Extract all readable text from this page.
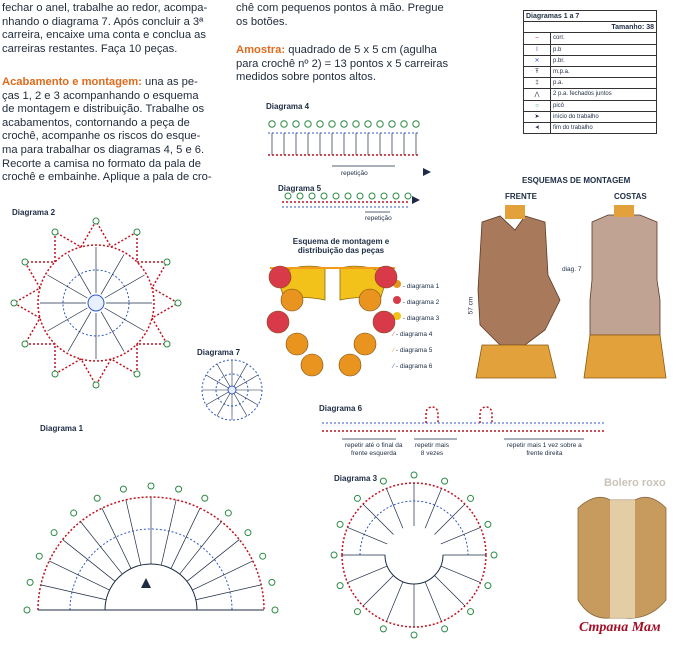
fechar o anel, trabalhe ao redor, acompa-
nhando o diagrama 7. Após concluir a 3ª
carreira, encaixe uma conta e conclua as
carreiras restantes. Faça 10 peças.
Acabamento e montagem: una as pe-
ças 1, 2 e 3 acompanhando o esquema
de montagem e distribuição. Trabalhe os
acabamentos, contornando a peça de
crochê, acompanhe os riscos do esque-
ma para trabalhar os diagramas 4, 5 e 6.
Recorte a camisa no formato da pala de
crochê e embainhe. Aplique a pala de cro-
chê com pequenos pontos à mão. Pregue
os botões.
Amostra: quadrado de 5 x 5 cm (agulha
para crochê nº 2) = 13 pontos x 5 carreiras
medidos sobre pontos altos.
Diagramas 1 a 7	
Tamanho: 38	
–	corr.
I	p.b
✕	p.br.
Ŧ	m.p.a.
‡	p.a.
⋀	2 p.a. fechados juntos
○	picô
➤	início do trabalho
➤	fim do trabalho
Diagrama 2
Diagrama 4
Diagrama 5
Diagrama 7
Diagrama 1
Diagrama 6
Diagrama 3
repetição
repetição
repetir até o final da
frente esquerda
repetir mais
8 vezes
repetir mais 1 vez sobre a
frente direita
Esquema de montagem e
distribuição das peças
- diagrama 1
- diagrama 2
- diagrama 3
⁄ - diagrama 4
⁄ - diagrama 5
⁄ - diagrama 6
ESQUEMAS DE MONTAGEM
FRENTE	COSTAS
diag. 7
57 cm
Bolero roxo
Страна Мам
